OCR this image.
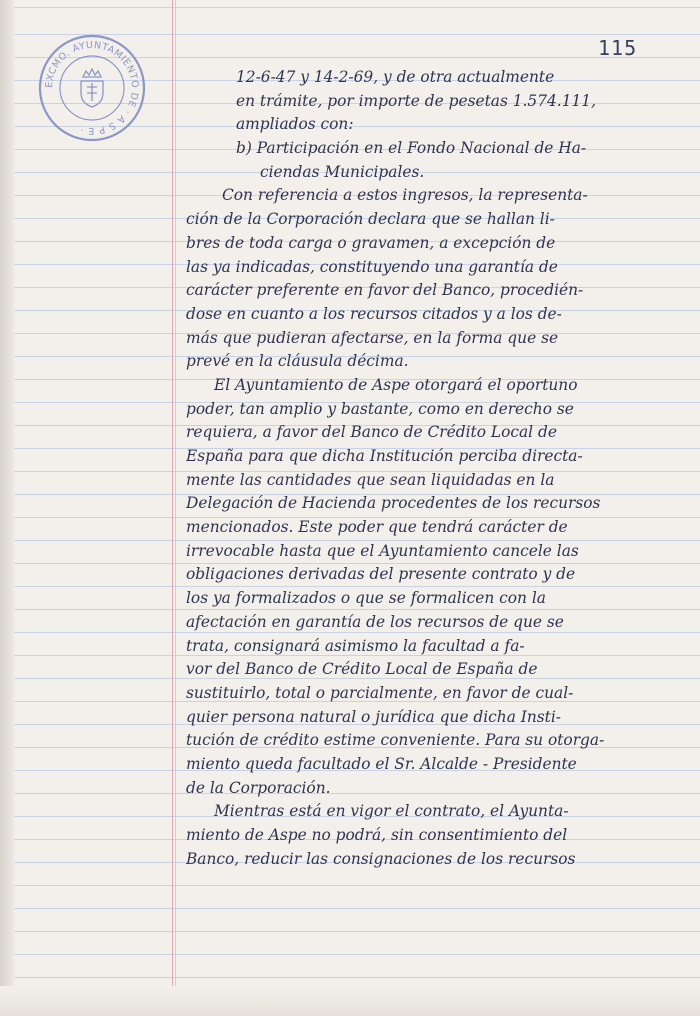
EXCMO. AYUNTAMIENTO DE · A S P E ·
115
12-6-47 y 14-2-69, y de otra actualmente
en trámite, por importe de pesetas 1.574.111,
ampliados con:
b) Participación en el Fondo Nacional de Ha-
ciendas Municipales.
Con referencia a estos ingresos, la representa-
ción de la Corporación declara que se hallan li-
bres de toda carga o gravamen, a excepción de
las ya indicadas, constituyendo una garantía de
carácter preferente en favor del Banco, procedién-
dose en cuanto a los recursos citados y a los de-
más que pudieran afectarse, en la forma que se
prevé en la cláusula décima.
El Ayuntamiento de Aspe otorgará el oportuno
poder, tan amplio y bastante, como en derecho se
requiera, a favor del Banco de Crédito Local de
España para que dicha Institución perciba directa-
mente las cantidades que sean liquidadas en la
Delegación de Hacienda procedentes de los recursos
mencionados. Este poder que tendrá carácter de
irrevocable hasta que el Ayuntamiento cancele las
obligaciones derivadas del presente contrato y de
los ya formalizados o que se formalicen con la
afectación en garantía de los recursos de que se
trata, consignará asimismo la facultad a fa-
vor del Banco de Crédito Local de España de
sustituirlo, total o parcialmente, en favor de cual-
quier persona natural o jurídica que dicha Insti-
tución de crédito estime conveniente. Para su otorga-
miento queda facultado el Sr. Alcalde - Presidente
de la Corporación.
Mientras está en vigor el contrato, el Ayunta-
miento de Aspe no podrá, sin consentimiento del
Banco, reducir las consignaciones de los recursos
